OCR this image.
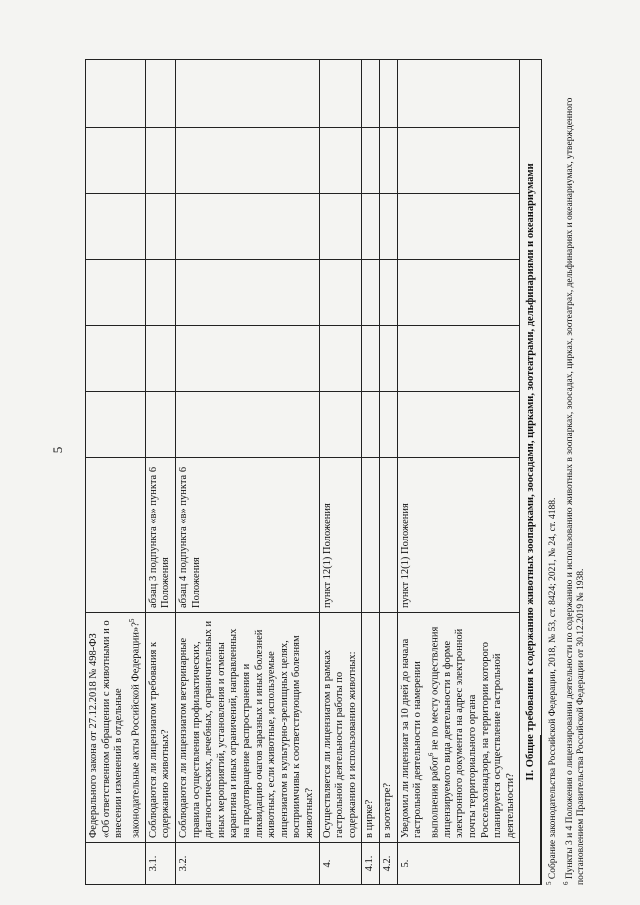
5
	Федерального закона от 27.12.2018 № 498-ФЗ «Об ответственном обращении с животными и о внесении изменений в отдельные законодательные акты Российской Федерации»?$^5$							
3.1.	Соблюдаются ли лицензиатом требования к содержанию животных?	абзац 3 подпункта «в» пункта 6 Положения						
3.2.	Соблюдаются ли лицензиатом ветеринарные правила осуществления профилактических, диагностических, лечебных, ограничительных и иных мероприятий, установления и отмены карантина и иных ограничений, направленных на предотвращение распространения и ликвидацию очагов заразных и иных болезней животных, если животные, используемые лицензиатом в культурно-зрелищных целях, восприимчивы к соответствующим болезням животных?	абзац 4 подпункта «в» пункта 6 Положения						
4.	Осуществляется ли лицензиатом в рамках гастрольной деятельности работы по содержанию и использованию животных:	пункт 12(1) Положения						
4.1.	в цирке?							
4.2.	в зоотеатре?							
5.	Уведомил ли лицензиат за 10 дней до начала гастрольной деятельности о намерении выполнения работ$^6$ не по месту осуществления лицензируемого вида деятельности в форме электронного документа на адрес электронной почты территориального органа Россельхознадзора, на территории которого планируется осуществление гастрольной деятельности?	пункт 12(1) Положения						
II. Общие требования к содержанию животных зоопарками, зоосадами, цирками, зоотеатрами, дельфинариями и океанариумами								

$^5$ Собрание законодательства Российской Федерации, 2018, № 53, ст. 8424; 2021, № 24, ст. 4188.

$^6$ Пункты 3 и 4 Положения о лицензировании деятельности по содержанию и использованию животных в зоопарках, зоосадах, цирках, зоотеатрах, дельфинариях и океанариумах, утвержденного постановлением Правительства Российской Федерации от 30.12.2019 № 1938.
